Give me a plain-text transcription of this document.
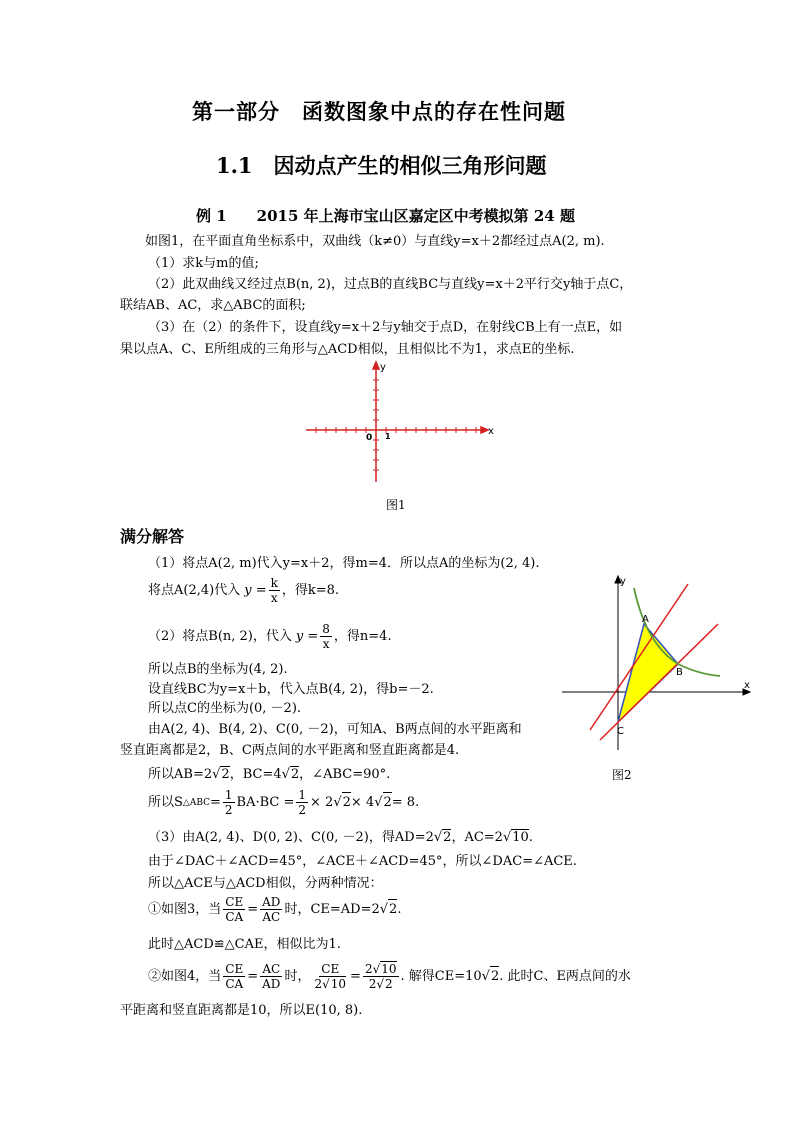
第一部分　函数图象中点的存在性问题
1.1　因动点产生的相似三角形问题
例 1　　2015 年上海市宝山区嘉定区中考模拟第 24 题
如图1，在平面直角坐标系中，双曲线（k≠0）与直线y=x＋2都经过点A(2, m).
（1）求k与m的值;
（2）此双曲线又经过点B(n, 2)，过点B的直线BC与直线y=x＋2平行交y轴于点C，
联结AB、AC，求△ABC的面积;
（3）在（2）的条件下，设直线y=x＋2与y轴交于点D，在射线CB上有一点E，如
果以点A、C、E所组成的三角形与△ACD相似，且相似比不为1，求点E的坐标.
x
y
0 1
图1
满分解答
（1）将点A(2, m)代入y=x＋2，得m=4．所以点A的坐标为(2, 4).
将点A(2,4)代入 $y = \frac{k}{x}$ ，得k=8.
（2）将点B(n, 2)，代入 $y = \frac{8}{x}$ ，得n=4.
所以点B的坐标为(4, 2).
设直线BC为y=x＋b，代入点B(4, 2)，得b=－2.
所以点C的坐标为(0, －2).
由A(2, 4)、B(4, 2)、C(0, －2)，可知A、B两点间的水平距离和
竖直距离都是2，B、C两点间的水平距离和竖直距离都是4.
所以AB=2√2，BC=4√2，∠ABC=90°.
所以S △ABC = $\frac{1}{2} BA\cdot BC = \frac{1}{2} \times 2$ √ 2 × 4 √ 2 = 8.
（3）由A(2, 4)、D(0, 2)、C(0, －2)，得AD=2√2，AC=2√10.
由于∠DAC＋∠ACD=45°，∠ACE＋∠ACD=45°，所以∠DAC=∠ACE.
所以△ACE与△ACD相似，分两种情况：
①如图3，当 $\frac{CE}{CA} = \frac{AD}{AC}$ 时，CE=AD=2 √ 2 .
此时△ACD≌△CAE，相似比为1.
②如图4，当 $\frac{CE}{CA} = \frac{AC}{AD}$ 时， $\frac{CE}{2√10} = \frac{2√10}{2√2}$ . 解得CE=10 √ 2 . 此时C、E两点间的水
平距离和竖直距离都是10，所以E(10, 8).
A
B
C
x
y
图2
